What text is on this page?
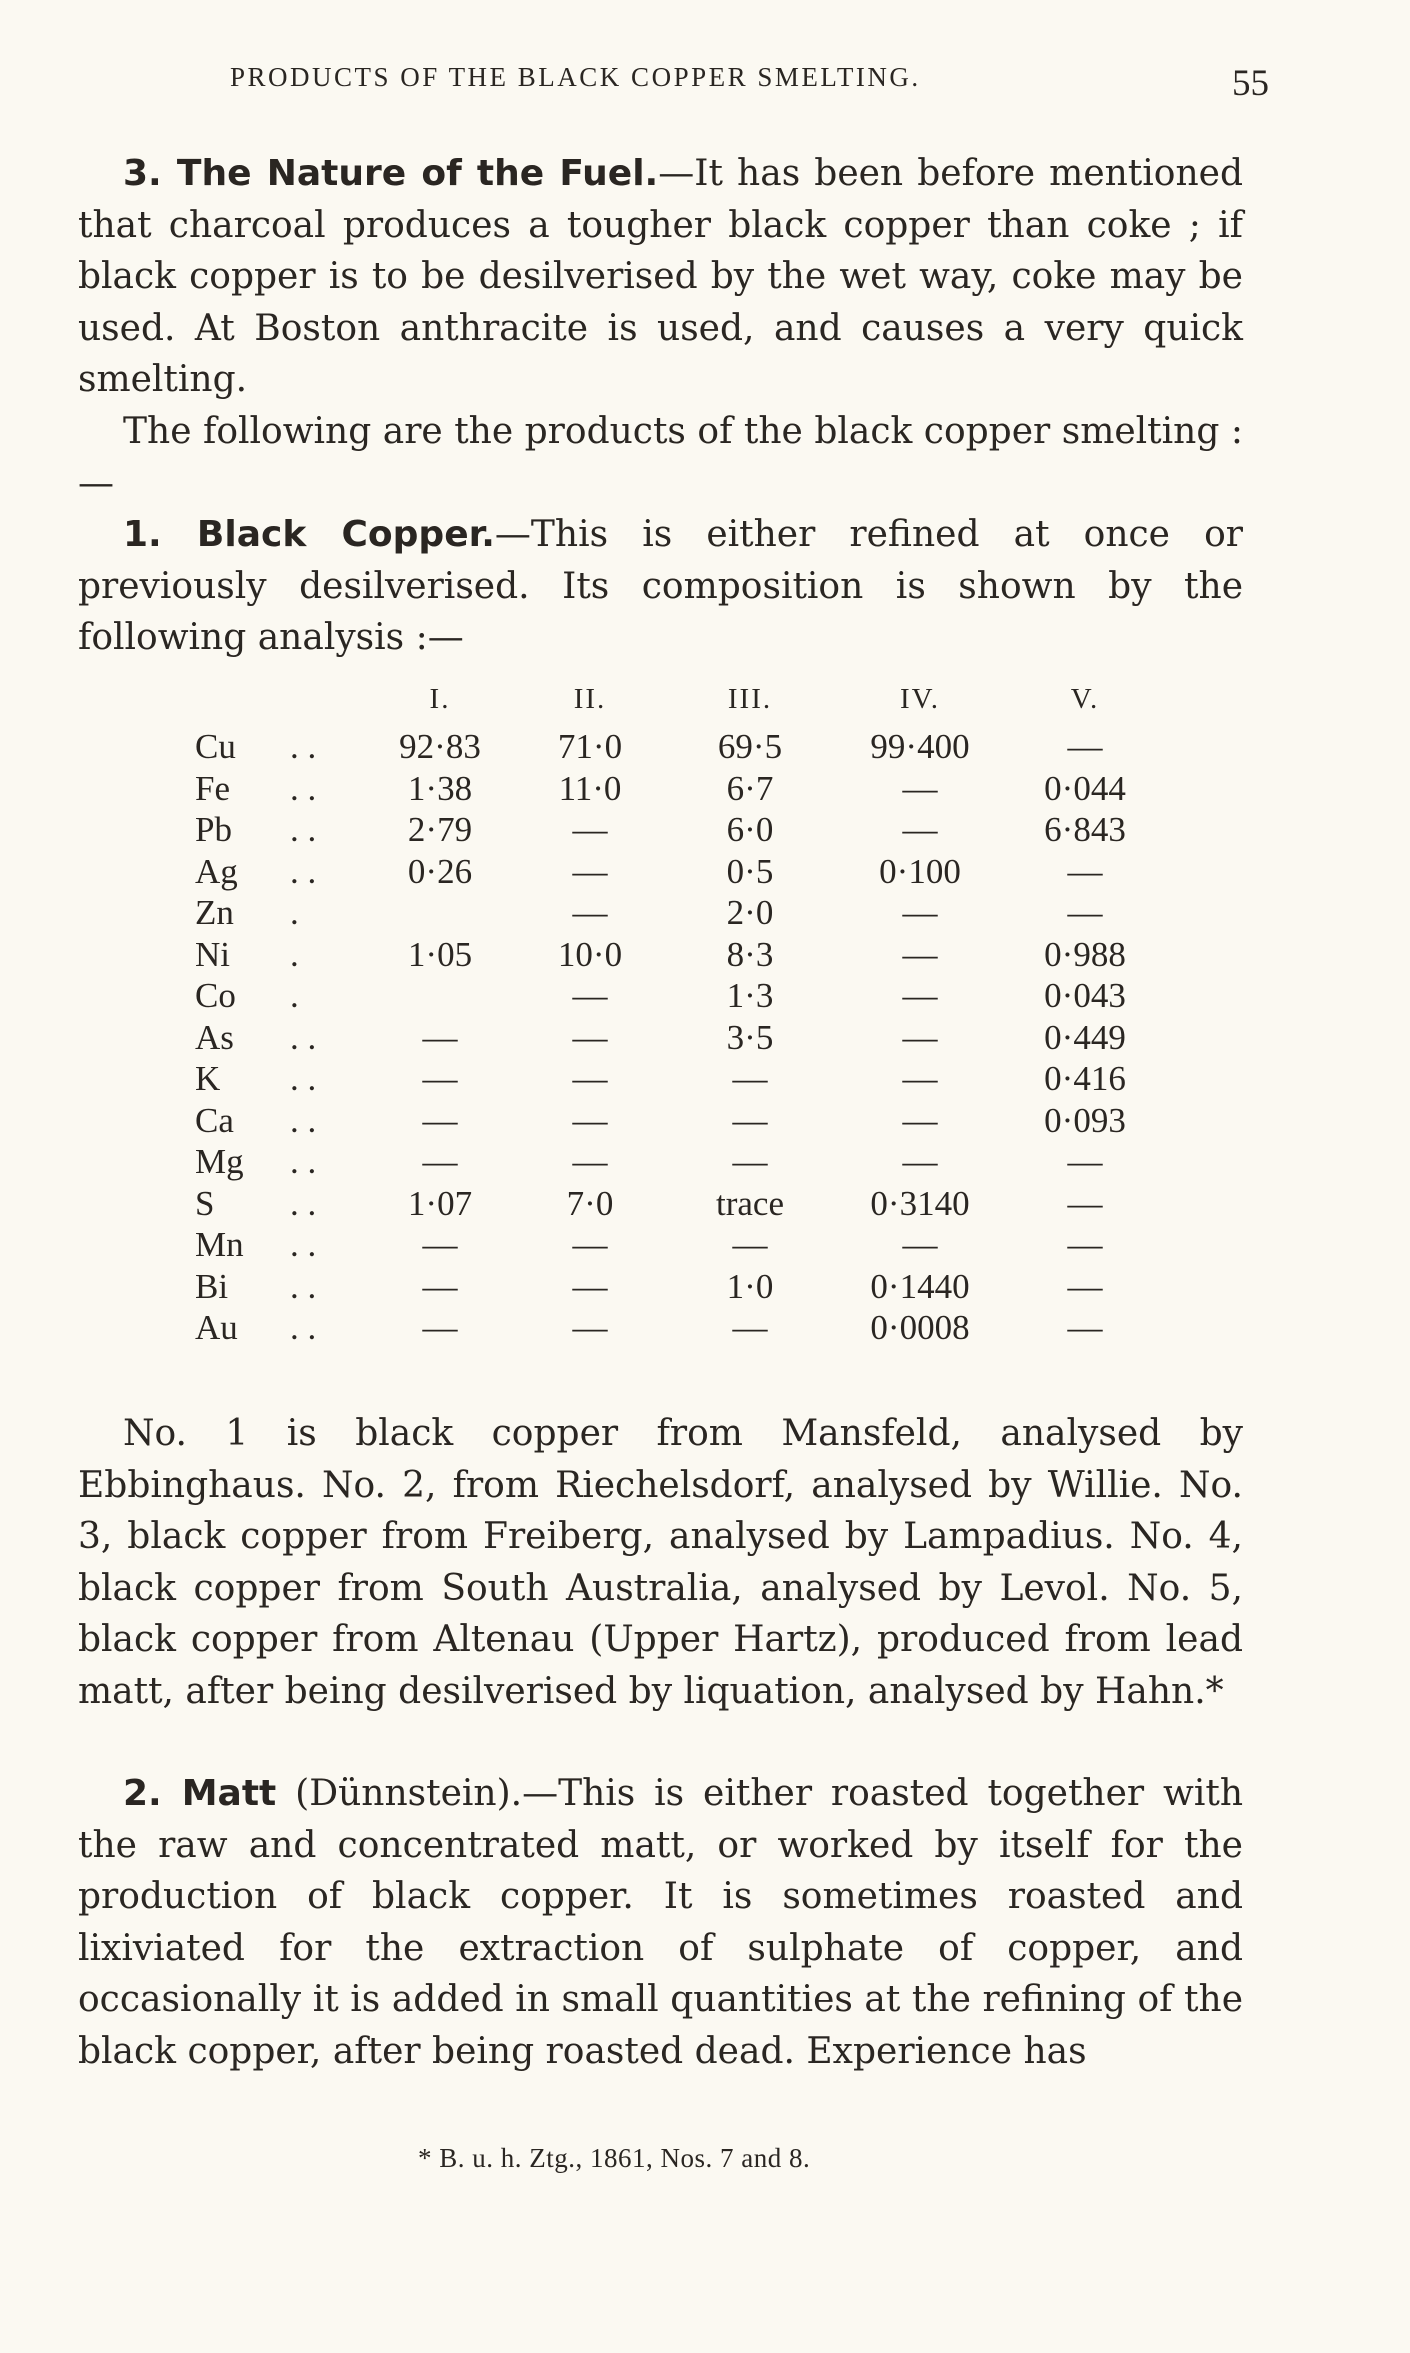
PRODUCTS OF THE BLACK COPPER SMELTING.	55
3. The Nature of the Fuel.—It has been before mentioned that charcoal produces a tougher black copper than coke ; if black copper is to be desilverised by the wet way, coke may be used. At Boston anthracite is used, and causes a very quick smelting.
The following are the products of the black copper smelting :—
1. Black Copper.—This is either refined at once or previously desilverised. Its composition is shown by the following analysis :—
		I.	II.	III.	IV.	V.
Cu	. .	92·83	71·0	69·5	99·400	—
Fe	. .	1·38	11·0	6·7	—	0·044
Pb	. .	2·79	—	6·0	—	6·843
Ag	. .	0·26	—	0·5	0·100	—
Zn	.		—	2·0	—	—
Ni	.	1·05	10·0	8·3	—	0·988
Co	.		—	1·3	—	0·043
As	. .	—	—	3·5	—	0·449
K	. .	—	—	—	—	0·416
Ca	. .	—	—	—	—	0·093
Mg	. .	—	—	—	—	—
S	. .	1·07	7·0	trace	0·3140	—
Mn	. .	—	—	—	—	—
Bi	. .	—	—	1·0	0·1440	—
Au	. .	—	—	—	0·0008	—
No. 1 is black copper from Mansfeld, analysed by Ebbinghaus. No. 2, from Riechelsdorf, analysed by Willie. No. 3, black copper from Freiberg, analysed by Lampadius. No. 4, black copper from South Australia, analysed by Levol. No. 5, black copper from Altenau (Upper Hartz), produced from lead matt, after being desilverised by liquation, analysed by Hahn.*
2. Matt (Dünnstein).—This is either roasted together with the raw and concentrated matt, or worked by itself for the production of black copper. It is sometimes roasted and lixiviated for the extraction of sulphate of copper, and occasionally it is added in small quantities at the refining of the black copper, after being roasted dead. Experience has
* B. u. h. Ztg., 1861, Nos. 7 and 8.
